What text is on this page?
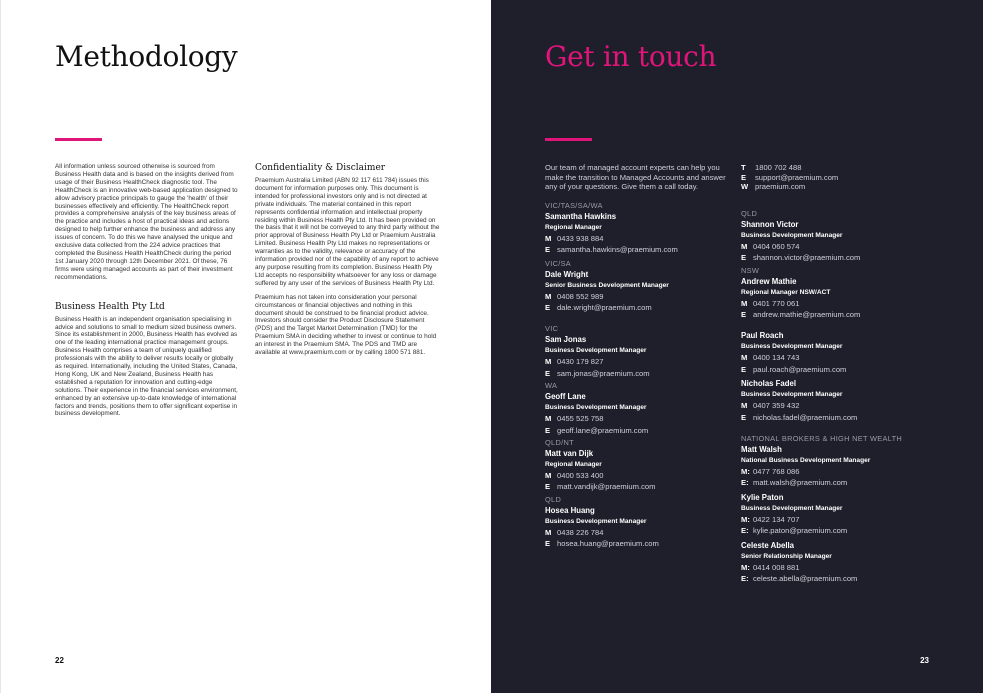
Methodology

All information unless sourced otherwise is sourced from Business Health data and is based on the insights derived from usage of their Business HealthCheck diagnostic tool. The HealthCheck is an innovative web-based application designed to allow advisory practice principals to gauge the 'health' of their businesses effectively and efficiently. The HealthCheck report provides a comprehensive analysis of the key business areas of the practice and includes a host of practical ideas and actions designed to help further enhance the business and address any issues of concern. To do this we have analysed the unique and exclusive data collected from the 224 advice practices that completed the Business Health HealthCheck during the period 1st January 2020 through 12th December 2021. Of these, 76 firms were using managed accounts as part of their investment recommendations.

Business Health Pty Ltd

Business Health is an independent organisation specialising in advice and solutions to small to medium sized business owners. Since its establishment in 2000, Business Health has evolved as one of the leading international practice management groups. Business Health comprises a team of uniquely qualified professionals with the ability to deliver results locally or globally as required. Internationally, including the United States, Canada, Hong Kong, UK and New Zealand, Business Health has established a reputation for innovation and cutting-edge solutions. Their experience in the financial services environment, enhanced by an extensive up-to-date knowledge of international factors and trends, positions them to offer significant expertise in business development.

Confidentiality & Disclaimer

Praemium Australia Limited (ABN 92 117 611 784) issues this document for information purposes only. This document is intended for professional investors only and is not directed at private individuals. The material contained in this report represents confidential information and intellectual property residing within Business Health Pty Ltd. It has been provided on the basis that it will not be conveyed to any third party without the prior approval of Business Health Pty Ltd or Praemium Australia Limited. Business Health Pty Ltd makes no representations or warranties as to the validity, relevance or accuracy of the information provided nor of the capability of any report to achieve any purpose resulting from its completion. Business Health Pty Ltd accepts no responsibility whatsoever for any loss or damage suffered by any user of the services of Business Health Pty Ltd.

Praemium has not taken into consideration your personal circumstances or financial objectives and nothing in this document should be construed to be financial product advice. Investors should consider the Product Disclosure Statement (PDS) and the Target Market Determination (TMD) for the Praemium SMA in deciding whether to invest or continue to hold an interest in the Praemium SMA. The PDS and TMD are available at www.praemium.com or by calling 1800 571 881.

22
Get in touch

Our team of managed account experts can help you make the transition to Managed Accounts and answer any of your questions. Give them a call today.

VIC/TAS/SA/WA

Samantha Hawkins

Regional Manager

M 0433 938 884

E samantha.hawkins@praemium.com

VIC/SA

Dale Wright

Senior Business Development Manager

M 0408 552 989

E dale.wright@praemium.com

VIC

Sam Jonas

Business Development Manager

M 0430 179 827

E sam.jonas@praemium.com

WA

Geoff Lane

Business Development Manager

M 0455 525 758

E geoff.lane@praemium.com

QLD/NT

Matt van Dijk

Regional Manager

M 0400 533 400

E matt.vandijk@praemium.com

QLD

Hosea Huang

Business Development Manager

M 0438 226 784

E hosea.huang@praemium.com

T 1800 702 488

E support@praemium.com

W praemium.com

QLD

Shannon Victor

Business Development Manager

M 0404 060 574

E shannon.victor@praemium.com

NSW

Andrew Mathie

Regional Manager NSW/ACT

M 0401 770 061

E andrew.mathie@praemium.com

Paul Roach

Business Development Manager

M 0400 134 743

E paul.roach@praemium.com

Nicholas Fadel

Business Development Manager

M 0407 359 432

E nicholas.fadel@praemium.com

NATIONAL BROKERS & HIGH NET WEALTH

Matt Walsh

National Business Development Manager

M: 0477 768 086

E: matt.walsh@praemium.com

Kylie Paton

Business Development Manager

M: 0422 134 707

E: kylie.paton@praemium.com

Celeste Abella

Senior Relationship Manager

M: 0414 008 881

E: celeste.abella@praemium.com

23
